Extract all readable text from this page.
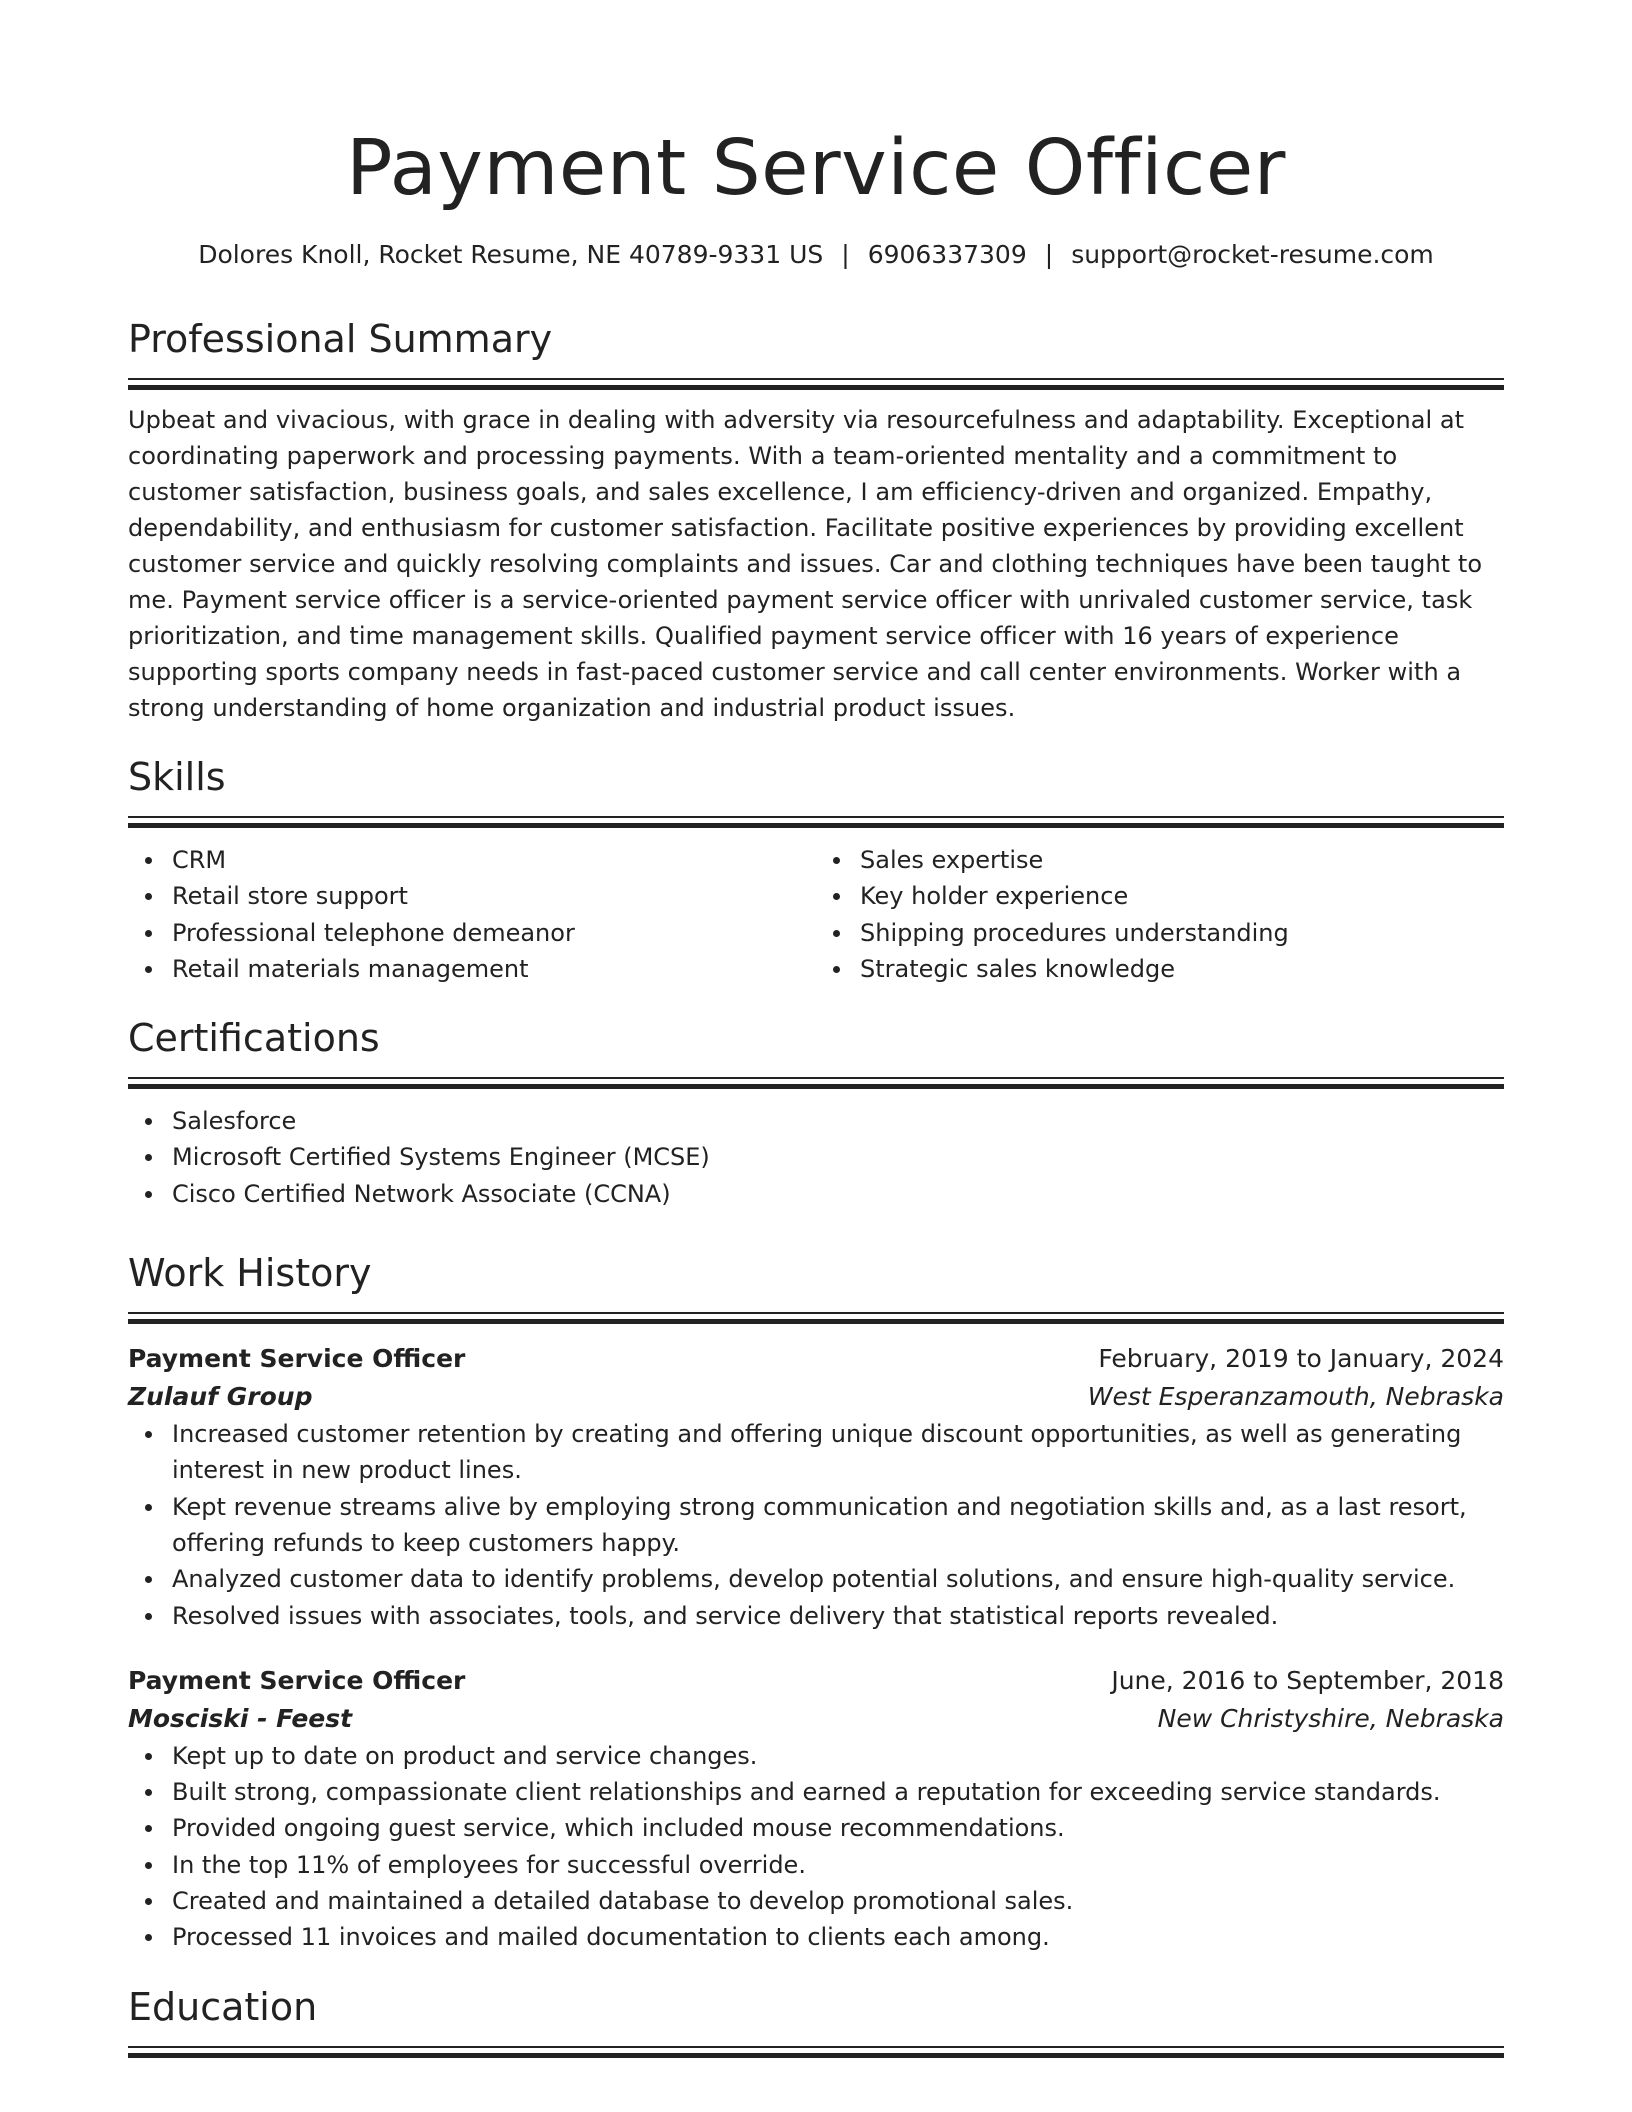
Payment Service Officer
Dolores Knoll, Rocket Resume, NE 40789-9331 US | 6906337309 | support@rocket-resume.com
Professional Summary
Upbeat and vivacious, with grace in dealing with adversity via resourcefulness and adaptability. Exceptional at coordinating paperwork and processing payments. With a team-oriented mentality and a commitment to customer satisfaction, business goals, and sales excellence, I am efficiency-driven and organized. Empathy, dependability, and enthusiasm for customer satisfaction. Facilitate positive experiences by providing excellent customer service and quickly resolving complaints and issues. Car and clothing techniques have been taught to me. Payment service officer is a service-oriented payment service officer with unrivaled customer service, task prioritization, and time management skills. Qualified payment service officer with 16 years of experience supporting sports company needs in fast-paced customer service and call center environments. Worker with a strong understanding of home organization and industrial product issues.
Skills
CRM
Retail store support
Professional telephone demeanor
Retail materials management
Sales expertise
Key holder experience
Shipping procedures understanding
Strategic sales knowledge
Certifications
Salesforce
Microsoft Certified Systems Engineer (MCSE)
Cisco Certified Network Associate (CCNA)
Work History
Payment Service Officer	February, 2019 to January, 2024
Zulauf Group	West Esperanzamouth, Nebraska
Increased customer retention by creating and offering unique discount opportunities, as well as generating interest in new product lines.
Kept revenue streams alive by employing strong communication and negotiation skills and, as a last resort, offering refunds to keep customers happy.
Analyzed customer data to identify problems, develop potential solutions, and ensure high-quality service.
Resolved issues with associates, tools, and service delivery that statistical reports revealed.
Payment Service Officer	June, 2016 to September, 2018
Mosciski - Feest	New Christyshire, Nebraska
Kept up to date on product and service changes.
Built strong, compassionate client relationships and earned a reputation for exceeding service standards.
Provided ongoing guest service, which included mouse recommendations.
In the top 11% of employees for successful override.
Created and maintained a detailed database to develop promotional sales.
Processed 11 invoices and mailed documentation to clients each among.
Education
